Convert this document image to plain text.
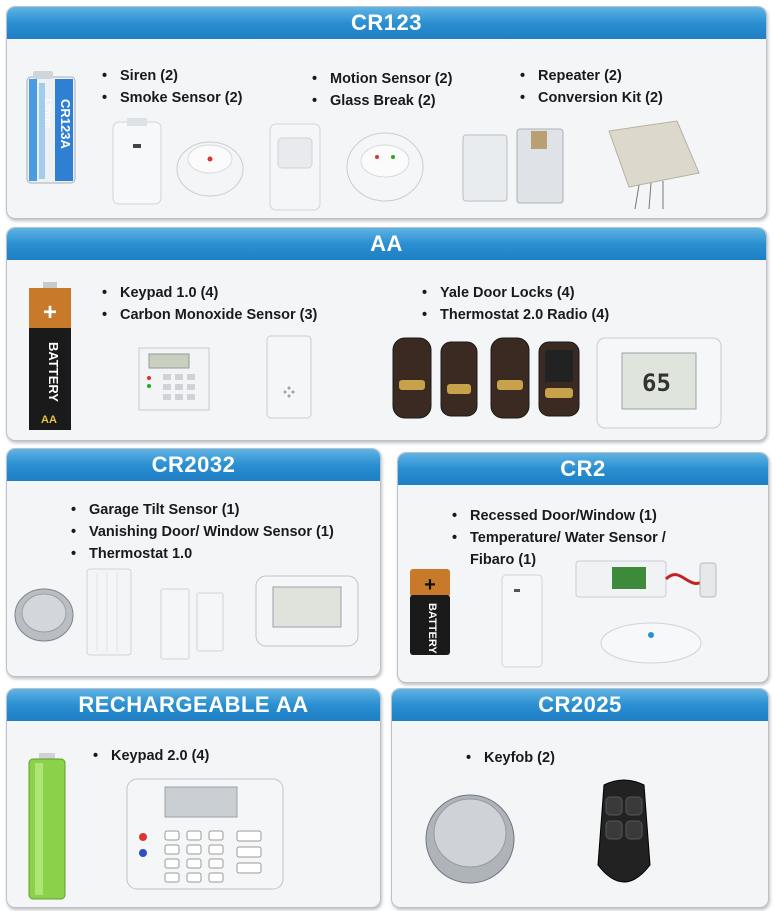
CR123
CR123A
Lithium
• Siren (2)
• Smoke Sensor (2)
• Motion Sensor (2)
• Glass Break (2)
• Repeater (2)
• Conversion Kit (2)
AA
+
BATTERY
AA
• Keypad 1.0 (4)
• Carbon Monoxide Sensor (3)
• Yale Door Locks (4)
• Thermostat 2.0 Radio (4)
65
CR2032
• Garage Tilt Sensor (1)
• Vanishing Door/ Window Sensor (1)
• Thermostat 1.0
CR2
• Recessed Door/Window (1)
• Temperature/ Water Sensor / Fibaro (1)
+
BATTERY
RECHARGEABLE AA
• Keypad 2.0 (4)
CR2025
• Keyfob (2)
